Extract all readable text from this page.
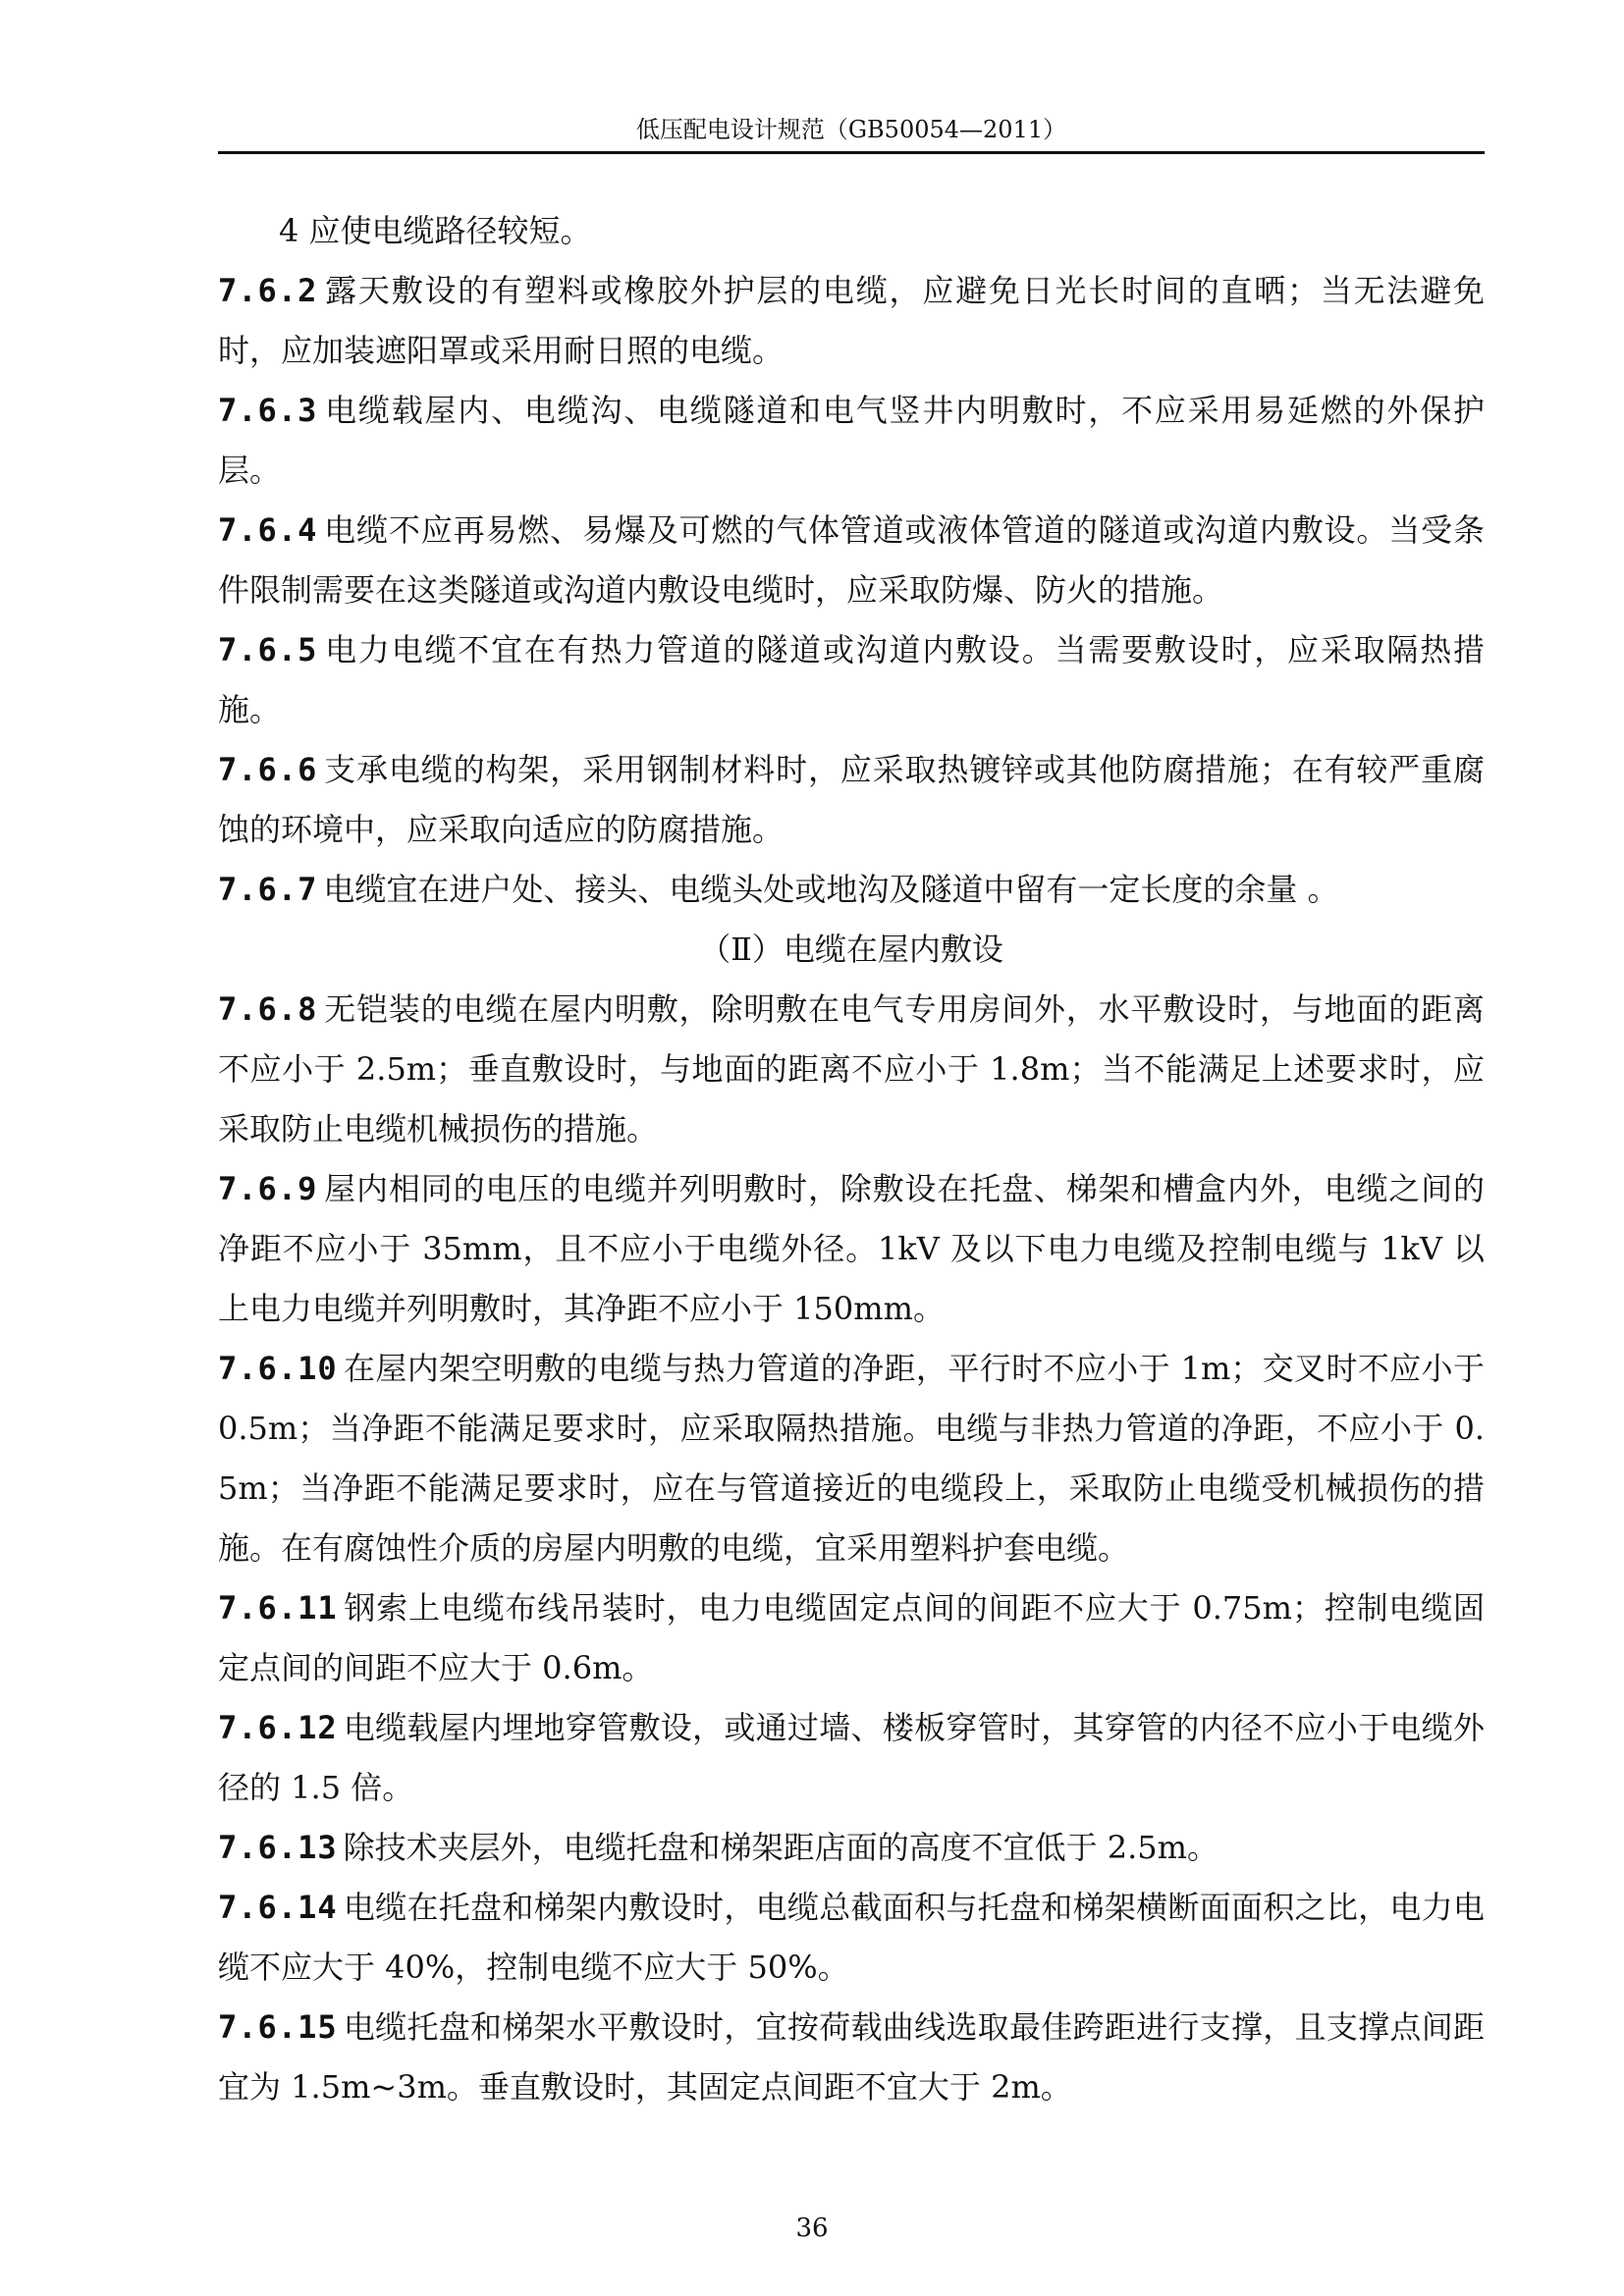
低压配电设计规范（GB50054—2011）

4 应使电缆路径较短。

7.6.2 露天敷设的有塑料或橡胶外护层的电缆，应避免日光长时间的直晒；当无法避免时，应加装遮阳罩或采用耐日照的电缆。

7.6.3 电缆载屋内、电缆沟、电缆隧道和电气竖井内明敷时，不应采用易延燃的外保护层。

7.6.4 电缆不应再易燃、易爆及可燃的气体管道或液体管道的隧道或沟道内敷设。当受条件限制需要在这类隧道或沟道内敷设电缆时，应采取防爆、防火的措施。

7.6.5 电力电缆不宜在有热力管道的隧道或沟道内敷设。当需要敷设时，应采取隔热措施。

7.6.6 支承电缆的构架，采用钢制材料时，应采取热镀锌或其他防腐措施；在有较严重腐蚀的环境中，应采取向适应的防腐措施。

7.6.7 电缆宜在进户处、接头、电缆头处或地沟及隧道中留有一定长度的余量 。

（Ⅱ）电缆在屋内敷设

7.6.8 无铠装的电缆在屋内明敷，除明敷在电气专用房间外，水平敷设时，与地面的距离不应小于 2.5m；垂直敷设时，与地面的距离不应小于 1.8m；当不能满足上述要求时，应采取防止电缆机械损伤的措施。

7.6.9 屋内相同的电压的电缆并列明敷时，除敷设在托盘、梯架和槽盒内外，电缆之间的净距不应小于 35mm，且不应小于电缆外径。1kV 及以下电力电缆及控制电缆与 1kV 以上电力电缆并列明敷时，其净距不应小于 150mm。

7.6.10 在屋内架空明敷的电缆与热力管道的净距，平行时不应小于 1m；交叉时不应小于 0.5m；当净距不能满足要求时，应采取隔热措施。电缆与非热力管道的净距，不应小于 0.5m；当净距不能满足要求时，应在与管道接近的电缆段上，采取防止电缆受机械损伤的措施。在有腐蚀性介质的房屋内明敷的电缆，宜采用塑料护套电缆。

7.6.11 钢索上电缆布线吊装时，电力电缆固定点间的间距不应大于 0.75m；控制电缆固定点间的间距不应大于 0.6m。

7.6.12 电缆载屋内埋地穿管敷设，或通过墙、楼板穿管时，其穿管的内径不应小于电缆外径的 1.5 倍。

7.6.13 除技术夹层外，电缆托盘和梯架距店面的高度不宜低于 2.5m。

7.6.14 电缆在托盘和梯架内敷设时，电缆总截面积与托盘和梯架横断面面积之比，电力电缆不应大于 40%，控制电缆不应大于 50%。

7.6.15 电缆托盘和梯架水平敷设时，宜按荷载曲线选取最佳跨距进行支撑，且支撑点间距宜为 1.5m~3m。垂直敷设时，其固定点间距不宜大于 2m。

36
